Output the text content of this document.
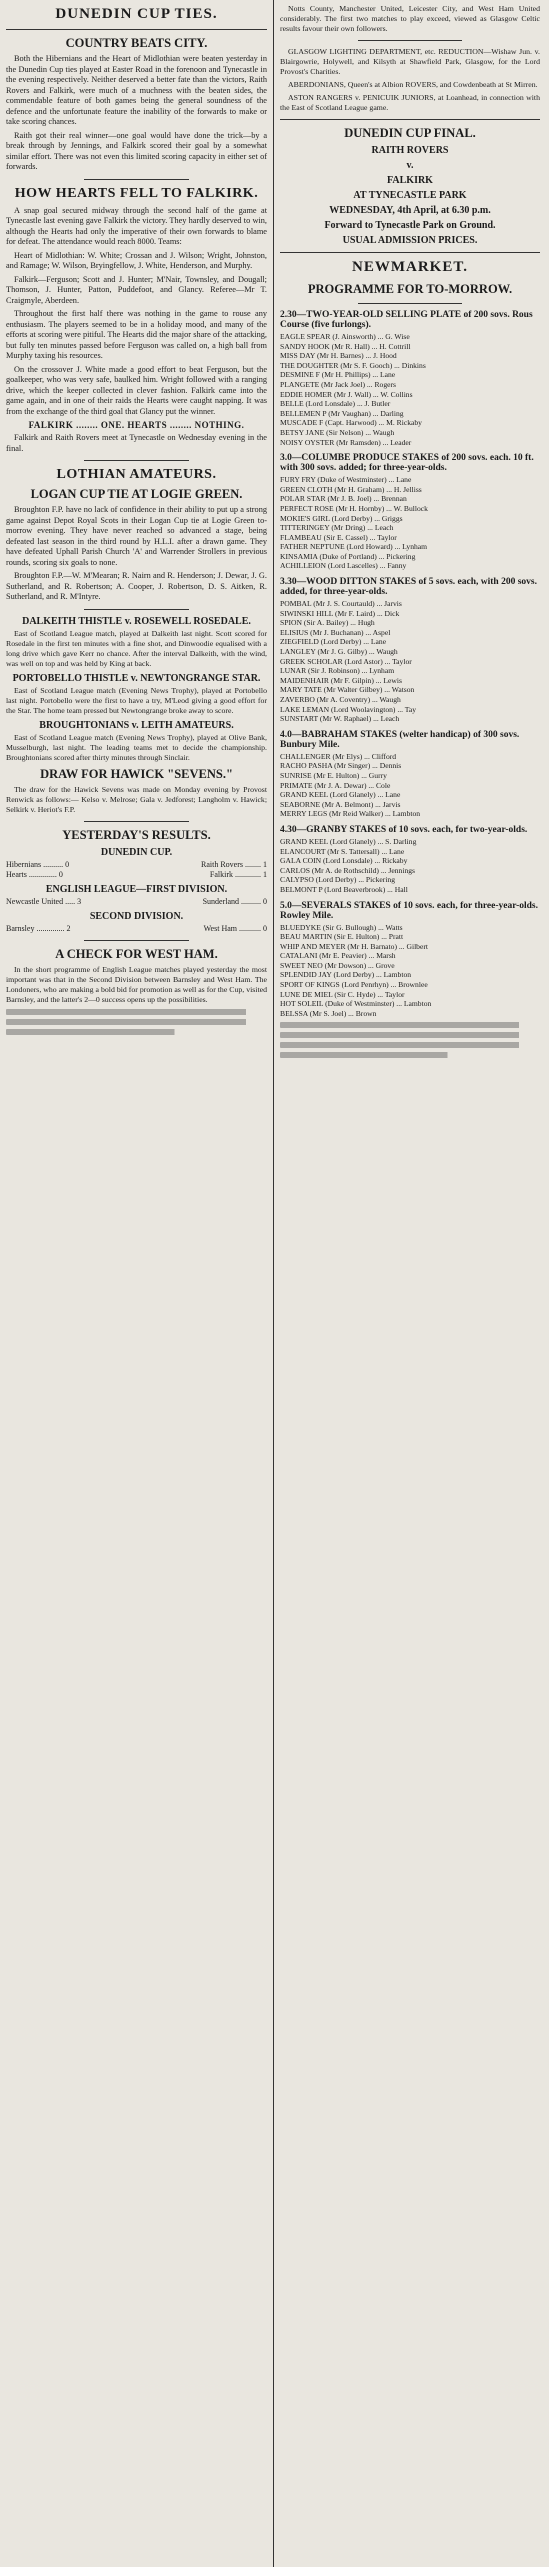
DUNEDIN CUP TIES.
COUNTRY BEATS CITY.

Both the Hibernians and the Heart of Midlothian were beaten yesterday in the Dunedin Cup ties played at Easter Road in the forenoon and Tynecastle in the evening respectively. Neither deserved a better fate than the victors, Raith Rovers and Falkirk, were much of a muchness with the beaten sides, the commendable feature of both games being the general soundness of the defence and the unfortunate feature the inability of the forwards to make or take scoring chances.

Raith got their real winner—one goal would have done the trick—by a break through by Jennings, and Falkirk scored their goal by a somewhat similar effort. There was not even this limited scoring capacity in either set of forwards.

HOW HEARTS FELL TO FALKIRK.

A snap goal secured midway through the second half of the game at Tynecastle last evening gave Falkirk the victory. They hardly deserved to win, although the Hearts had only the imperative of their own forwards to blame for defeat. The attendance would reach 8000. Teams:

Heart of Midlothian: W. White; Crossan and J. Wilson; Wright, Johnston, and Ramage; W. Wilson, Bryingfellow, J. White, Henderson, and Murphy.

Falkirk—Ferguson; Scott and J. Hunter; M'Nair, Townsley, and Dougall; Thomson, J. Hunter, Patton, Puddefoot, and Glancy. Referee—Mr T. Craigmyle, Aberdeen.

Throughout the first half there was nothing in the game to rouse any enthusiasm. The players seemed to be in a holiday mood, and many of the efforts at scoring were pitiful. The Hearts did the major share of the attacking, but fully ten minutes passed before Ferguson was called on, a high ball from Murphy taxing his resources.

On the crossover J. White made a good effort to beat Ferguson, but the goalkeeper, who was very safe, baulked him. Wright followed with a ranging drive, which the keeper collected in clever fashion. Falkirk came into the game again, and in one of their raids the Hearts were caught napping. It was from the exchange of the third goal that Glancy put the winner.

FALKIRK ........ ONE. HEARTS ........ NOTHING.

Falkirk and Raith Rovers meet at Tynecastle on Wednesday evening in the final.

LOTHIAN AMATEURS.
LOGAN CUP TIE AT LOGIE GREEN.

Broughton F.P. have no lack of confidence in their ability to put up a strong game against Depot Royal Scots in their Logan Cup tie at Logie Green to-morrow evening. They have never reached so advanced a stage, being defeated last season in the third round by H.L.I. after a drawn game. They have defeated Uphall Parish Church 'A' and Warrender Strollers in previous rounds, scoring six goals to none.

Broughton F.P.—W. M'Mearan; R. Nairn and R. Henderson; J. Dewar, J. G. Sutherland, and R. Robertson; A. Cooper, J. Robertson, D. S. Aitken, R. Sutherland, and R. M'Intyre.

DALKEITH THISTLE v. ROSEWELL ROSEDALE.

East of Scotland League match, played at Dalkeith last night. Scott scored for Rosedale in the first ten minutes with a fine shot, and Dinwoodie equalised with a long drive which gave Kerr no chance. After the interval Dalkeith, with the wind, was well on top and was held by King at back.

PORTOBELLO THISTLE v. NEWTONGRANGE STAR.

East of Scotland League match (Evening News Trophy), played at Portobello last night. Portobello were the first to have a try, M'Leod giving a good effort for the Star. The home team pressed but Newtongrange broke away to score.

BROUGHTONIANS v. LEITH AMATEURS.

East of Scotland League match (Evening News Trophy), played at Olive Bank, Musselburgh, last night. The leading teams met to decide the championship. Broughtonians scored after thirty minutes through Sinclair.

DRAW FOR HAWICK "SEVENS."

The draw for the Hawick Sevens was made on Monday evening by Provost Renwick as follows:— Kelso v. Melrose; Gala v. Jedforest; Langholm v. Hawick; Selkirk v. Heriot's F.P.

YESTERDAY'S RESULTS.
DUNEDIN CUP.
Hibernians .......... 0	Raith Rovers ........ 1
Hearts .............. 0	Falkirk ............. 1
ENGLISH LEAGUE—FIRST DIVISION.
Newcastle United ..... 3	Sunderland .......... 0
SECOND DIVISION.
Barnsley .............. 2	West Ham ........... 0
A CHECK FOR WEST HAM.

In the short programme of English League matches played yesterday the most important was that in the Second Division between Barnsley and West Ham. The Londoners, who are making a bold bid for promotion as well as for the Cup, visited Barnsley, and the latter's 2—0 success opens up the possibilities.

Notts County, Manchester United, Leicester City, and West Ham United considerably. The first two matches to play exceed, viewed as Glasgow Celtic results favour their own followers.

GLASGOW LIGHTING DEPARTMENT, etc. REDUCTION—Wishaw Jun. v. Blairgowrie, Holywell, and Kilsyth at Shawfield Park, Glasgow, for the Lord Provost's Charities.

ABERDONIANS, Queen's at Albion ROVERS, and Cowdenbeath at St Mirren.

ASTON RANGERS v. PENICUIK JUNIORS, at Loanhead, in connection with the East of Scotland League game.

DUNEDIN CUP FINAL.
RAITH ROVERS
v.
FALKIRK
AT TYNECASTLE PARK
WEDNESDAY, 4th April, at 6.30 p.m.
Forward to Tynecastle Park on Ground.
USUAL ADMISSION PRICES.
NEWMARKET.
PROGRAMME FOR TO-MORROW.
2.30—TWO-YEAR-OLD SELLING PLATE of 200 sovs. Rous Course (five furlongs).

EAGLE SPEAR (J. Ainsworth) ... G. Wise

SANDY HOOK (Mr R. Hall) ... H. Cottrill

MISS DAY (Mr H. Barnes) ... J. Hood

THE DOUGHTER (Mr S. F. Gooch) ... Dinkins

DESMINE F (Mr H. Phillips) ... Lane

PLANGETE (Mr Jack Joel) ... Rogers

EDDIE HOMER (Mr J. Wall) ... W. Collins

BELLE (Lord Lonsdale) ... J. Butler

BELLEMEN P (Mr Vaughan) ... Darling

MUSCADE F (Capt. Harwood) ... M. Rickaby

BETSY JANE (Sir Nelson) ... Waugh

NOISY OYSTER (Mr Ramsden) ... Leader

3.0—COLUMBE PRODUCE STAKES of 200 sovs. each. 10 ft. with 300 sovs. added; for three-year-olds.

FURY FRY (Duke of Westminster) ... Lane

GREEN CLOTH (Mr H. Graham) ... H. Jelliss

POLAR STAR (Mr J. B. Joel) ... Brennan

PERFECT ROSE (Mr H. Hornby) ... W. Bullock

MOKIE'S GIRL (Lord Derby) ... Griggs

TITTERINGEY (Mr Dring) ... Leach

FLAMBEAU (Sir E. Cassel) ... Taylor

FATHER NEPTUNE (Lord Howard) ... Lynham

KINSAMIA (Duke of Portland) ... Pickering

ACHILLEION (Lord Lascelles) ... Fanny

3.30—WOOD DITTON STAKES of 5 sovs. each, with 200 sovs. added, for three-year-olds.

POMBAL (Mr J. S. Courtauld) ... Jarvis

SIWINSKI HILL (Mr F. Laird) ... Dick

SPION (Sir A. Bailey) ... Hugh

ELISIUS (Mr J. Buchanan) ... Aspel

ZIEGFIELD (Lord Derby) ... Lane

LANGLEY (Mr J. G. Gilby) ... Waugh

GREEK SCHOLAR (Lord Astor) ... Taylor

LUNAR (Sir J. Robinson) ... Lynham

MAIDENHAIR (Mr F. Gilpin) ... Lewis

MARY TATE (Mr Walter Gilbey) ... Watson

ZAVERBO (Mr A. Coventry) ... Waugh

LAKE LEMAN (Lord Woolavington) ... Tay

SUNSTART (Mr W. Raphael) ... Leach

4.0—BABRAHAM STAKES (welter handicap) of 300 sovs. Bunbury Mile.

CHALLENGER (Mr Elys) ... Clifford

RACHO PASHA (Mr Singer) ... Dennis

SUNRISE (Mr E. Hulton) ... Gurry

PRIMATE (Mr J. A. Dewar) ... Cole

GRAND KEEL (Lord Glanely) ... Lane

SEABORNE (Mr A. Belmont) ... Jarvis

MERRY LEGS (Mr Reid Walker) ... Lambton

4.30—GRANBY STAKES of 10 sovs. each, for two-year-olds.

GRAND KEEL (Lord Glanely) ... S. Darling

ELANCOURT (Mr S. Tattersall) ... Lane

GALA COIN (Lord Lonsdale) ... Rickaby

CARLOS (Mr A. de Rothschild) ... Jennings

CALYPSO (Lord Derby) ... Pickering

BELMONT P (Lord Beaverbrook) ... Hall

5.0—SEVERALS STAKES of 10 sovs. each, for three-year-olds. Rowley Mile.

BLUEDYKE (Sir G. Bullough) ... Watts

BEAU MARTIN (Sir E. Hulton) ... Pratt

WHIP AND MEYER (Mr H. Barnato) ... Gilbert

CATALANI (Mr E. Peavier) ... Marsh

SWEET NEO (Mr Dowson) ... Grove

SPLENDID JAY (Lord Derby) ... Lambton

SPORT OF KINGS (Lord Penrhyn) ... Brownlee

LUNE DE MIEL (Sir C. Hyde) ... Taylor

HOT SOLEIL (Duke of Westminster) ... Lambton

BELSSA (Mr S. Joel) ... Brown
